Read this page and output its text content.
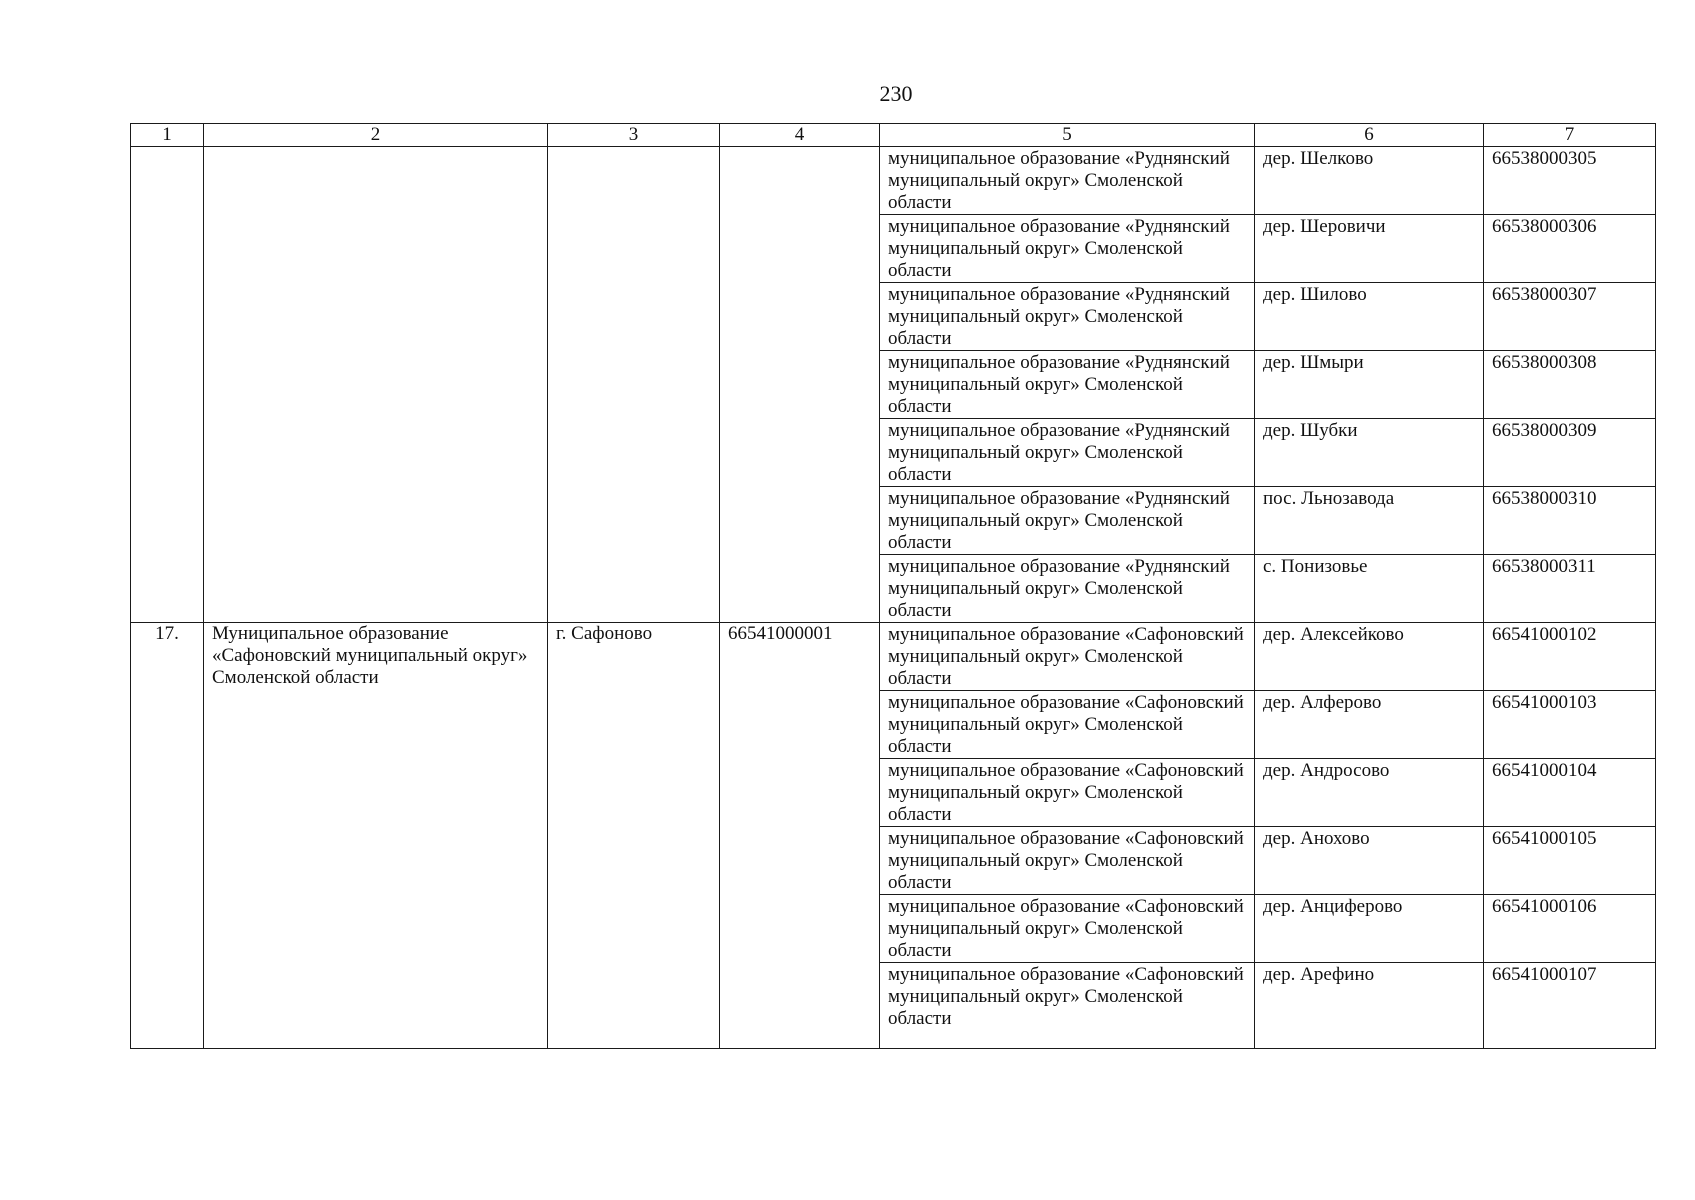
230
1	2	3	4	5	6	7
				муниципальное образование «Руднянский муниципальный округ» Смоленской области	дер. Шелково	66538000305
				муниципальное образование «Руднянский муниципальный округ» Смоленской области	дер. Шеровичи	66538000306
				муниципальное образование «Руднянский муниципальный округ» Смоленской области	дер. Шилово	66538000307
				муниципальное образование «Руднянский муниципальный округ» Смоленской области	дер. Шмыри	66538000308
				муниципальное образование «Руднянский муниципальный округ» Смоленской области	дер. Шубки	66538000309
				муниципальное образование «Руднянский муниципальный округ» Смоленской области	пос. Льнозавода	66538000310
				муниципальное образование «Руднянский муниципальный округ» Смоленской области	с. Понизовье	66538000311
17.	Муниципальное образование «Сафоновский муниципальный округ» Смоленской области	г. Сафоново	66541000001	муниципальное образование «Сафоновский муниципальный округ» Смоленской области	дер. Алексейково	66541000102
				муниципальное образование «Сафоновский муниципальный округ» Смоленской области	дер. Алферово	66541000103
				муниципальное образование «Сафоновский муниципальный округ» Смоленской области	дер. Андросово	66541000104
				муниципальное образование «Сафоновский муниципальный округ» Смоленской области	дер. Анохово	66541000105
				муниципальное образование «Сафоновский муниципальный округ» Смоленской области	дер. Анциферово	66541000106
				муниципальное образование «Сафоновский муниципальный округ» Смоленской области	дер. Арефино	66541000107
